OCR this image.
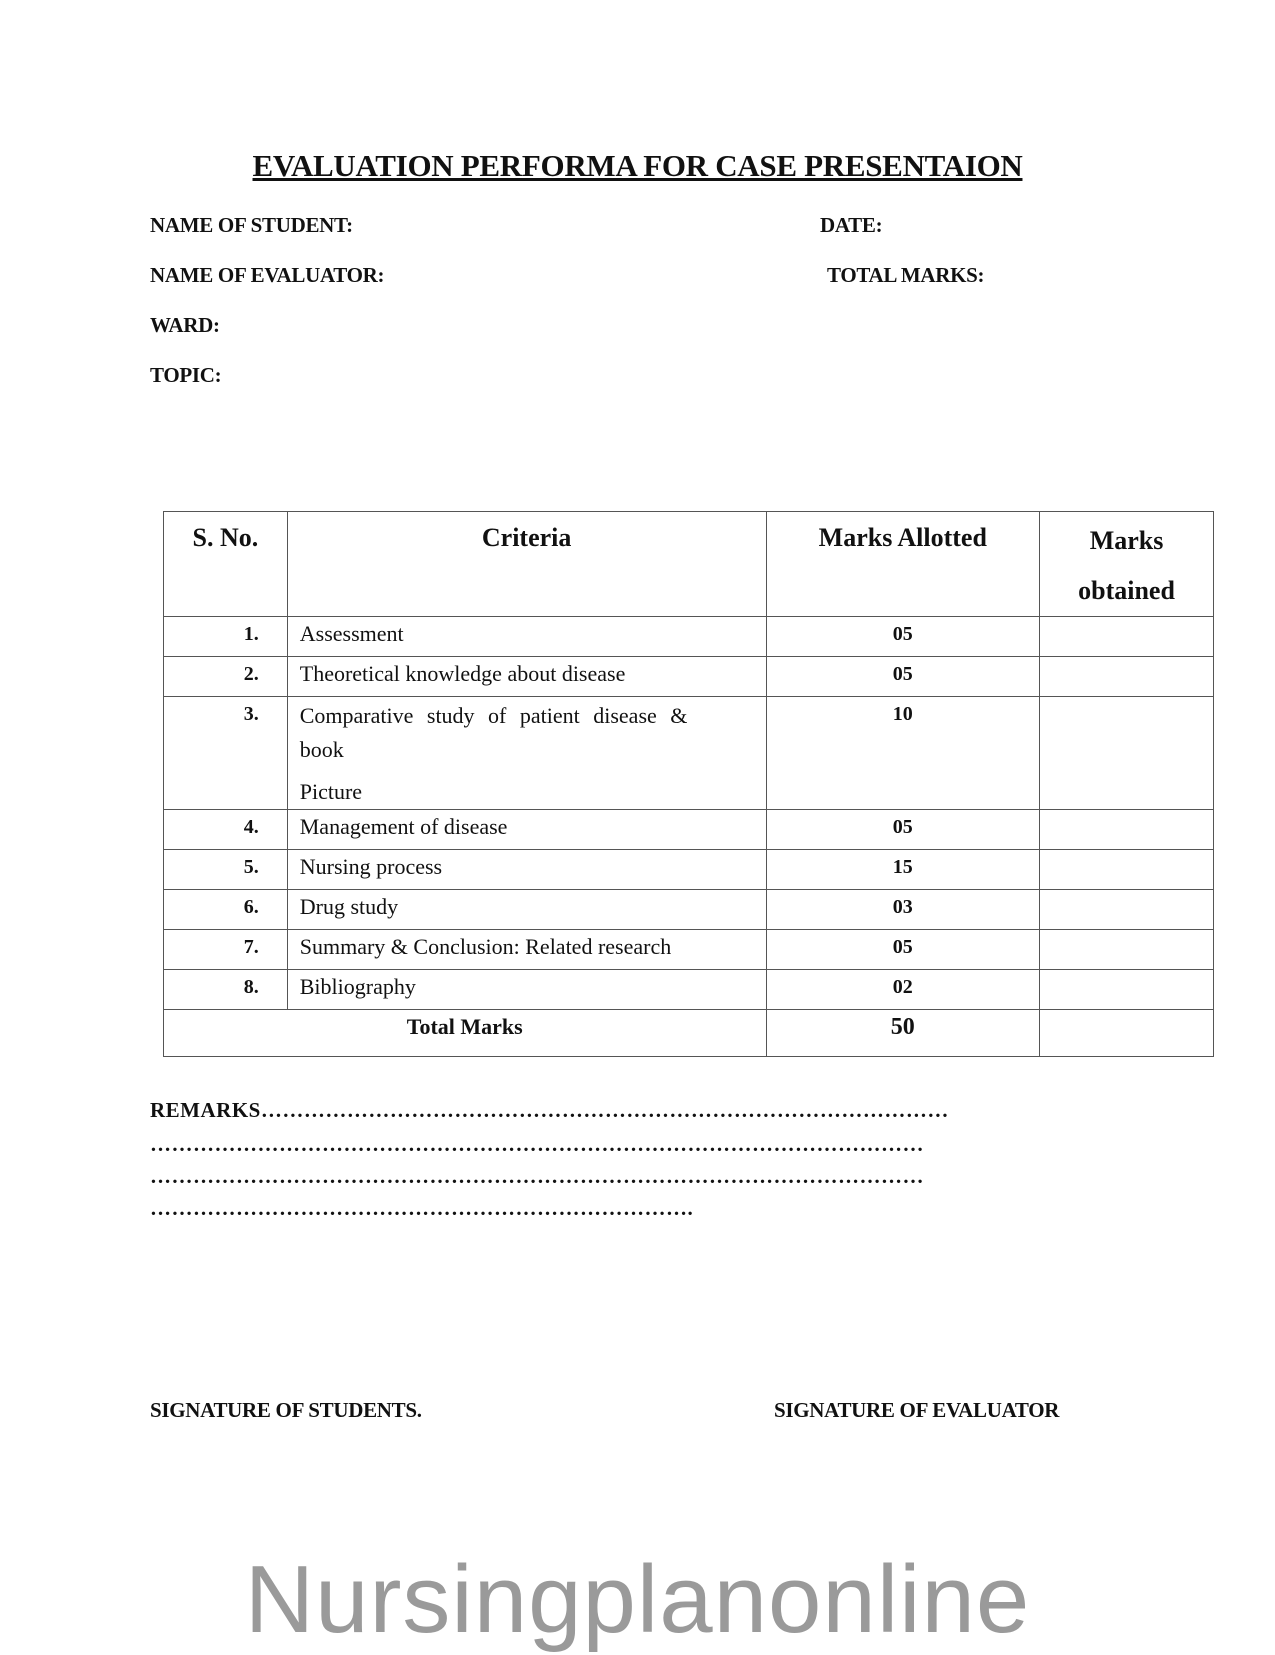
EVALUATION PERFORMA FOR CASE PRESENTAION
NAME OF STUDENT:	DATE:
NAME OF EVALUATOR:	TOTAL MARKS:
WARD:
TOPIC:
S. No.	Criteria	Marks Allotted	Marks
obtained

1.	Assessment	05	
2.	Theoretical knowledge about disease	05	
3.	Comparative study of patient disease &
book
Picture	10	
4.	Management of disease	05	
5.	Nursing process	15	
6.	Drug study	03	
7.	Summary & Conclusion: Related research	05	
8.	Bibliography	02	
Total Marks		50	
REMARKS……………………………………………………………………………………
………………………………………………………………………………………………
………………………………………………………………………………………………
………………………………………………………………….
SIGNATURE OF STUDENTS.	SIGNATURE OF EVALUATOR
Nursingplanonline
